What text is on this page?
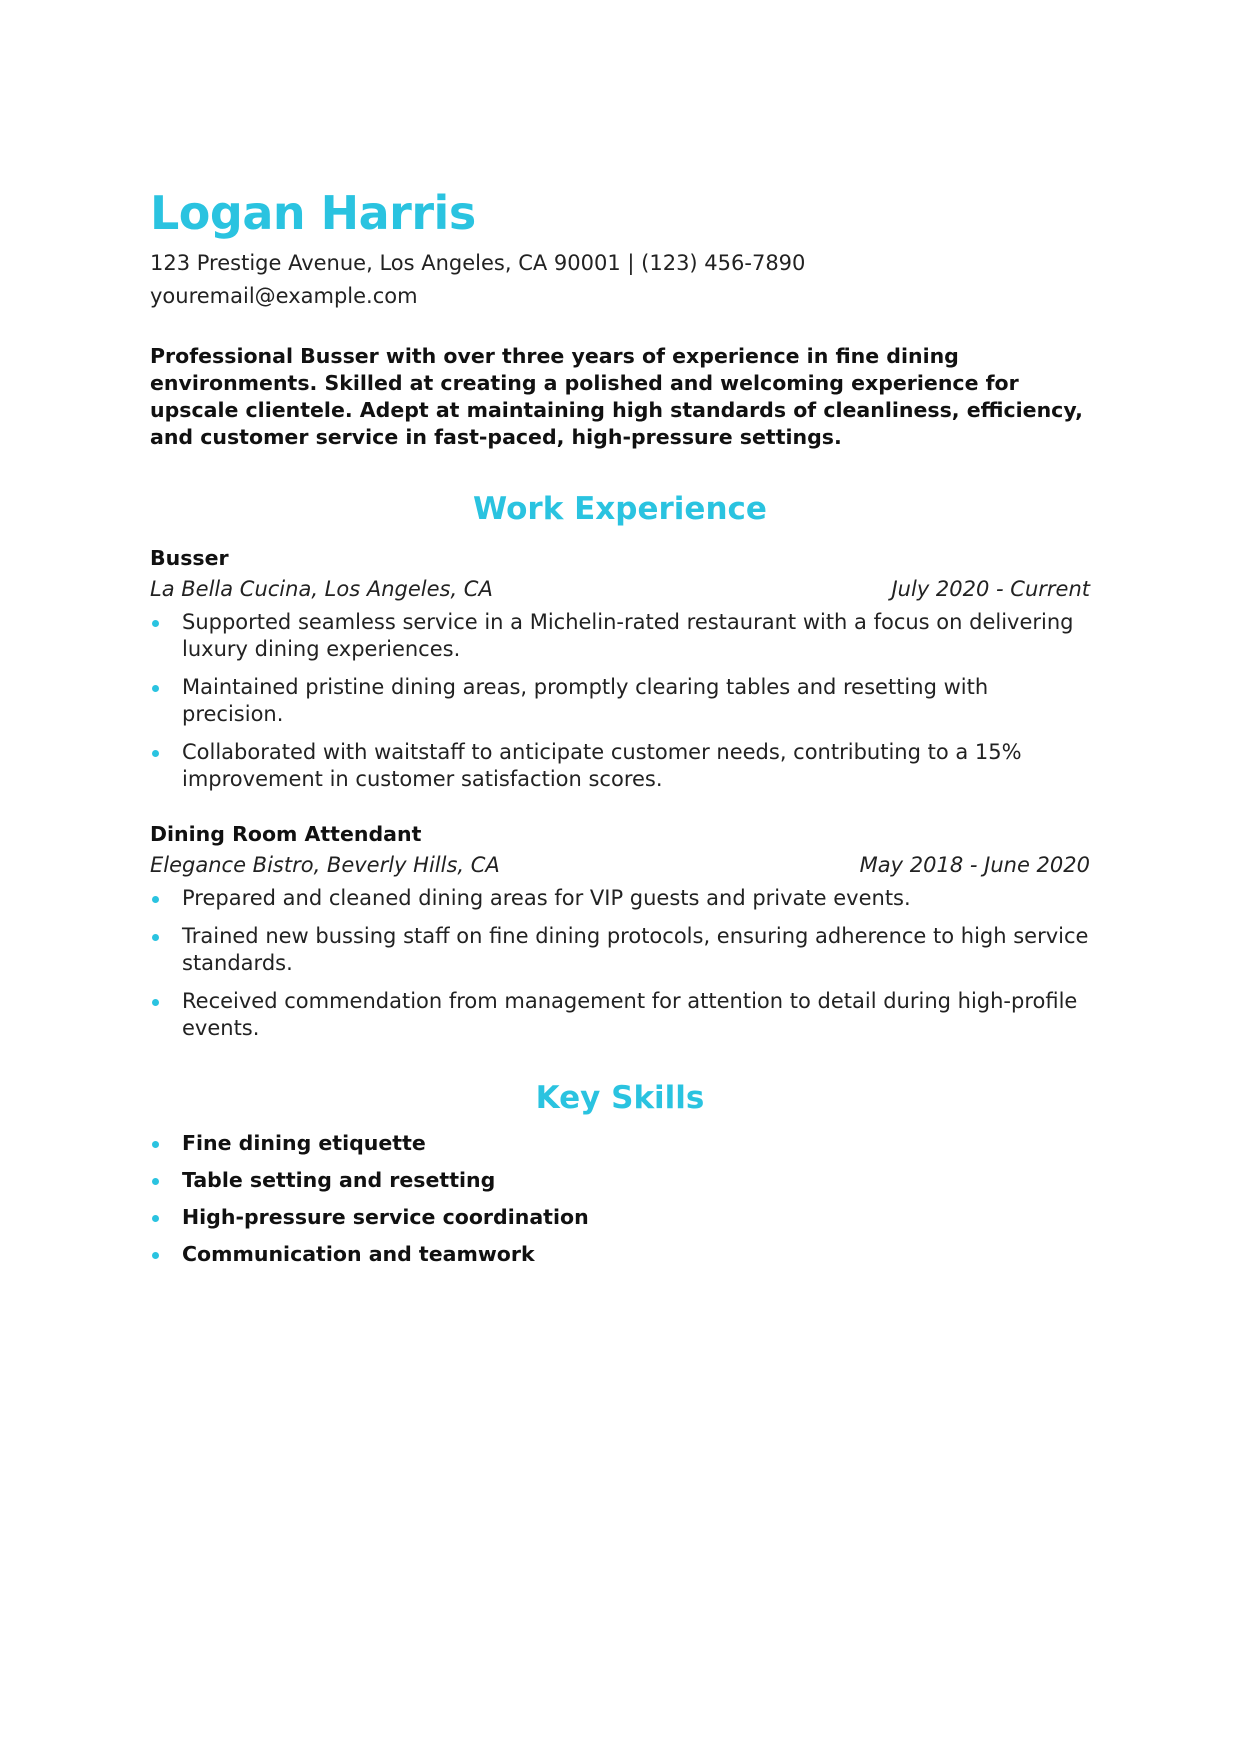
Logan Harris
123 Prestige Avenue, Los Angeles, CA 90001 | (123) 456-7890
youremail@example.com
Professional Busser with over three years of experience in fine dining environments. Skilled at creating a polished and welcoming experience for upscale clientele. Adept at maintaining high standards of cleanliness, efficiency, and customer service in fast-paced, high-pressure settings.
Work Experience
Busser
La Bella Cucina, Los Angeles, CA	July 2020 - Current
Supported seamless service in a Michelin-rated restaurant with a focus on delivering luxury dining experiences.
Maintained pristine dining areas, promptly clearing tables and resetting with precision.
Collaborated with waitstaff to anticipate customer needs, contributing to a 15% improvement in customer satisfaction scores.
Dining Room Attendant
Elegance Bistro, Beverly Hills, CA	May 2018 - June 2020
Prepared and cleaned dining areas for VIP guests and private events.
Trained new bussing staff on fine dining protocols, ensuring adherence to high service standards.
Received commendation from management for attention to detail during high-profile events.
Key Skills
Fine dining etiquette
Table setting and resetting
High-pressure service coordination
Communication and teamwork
